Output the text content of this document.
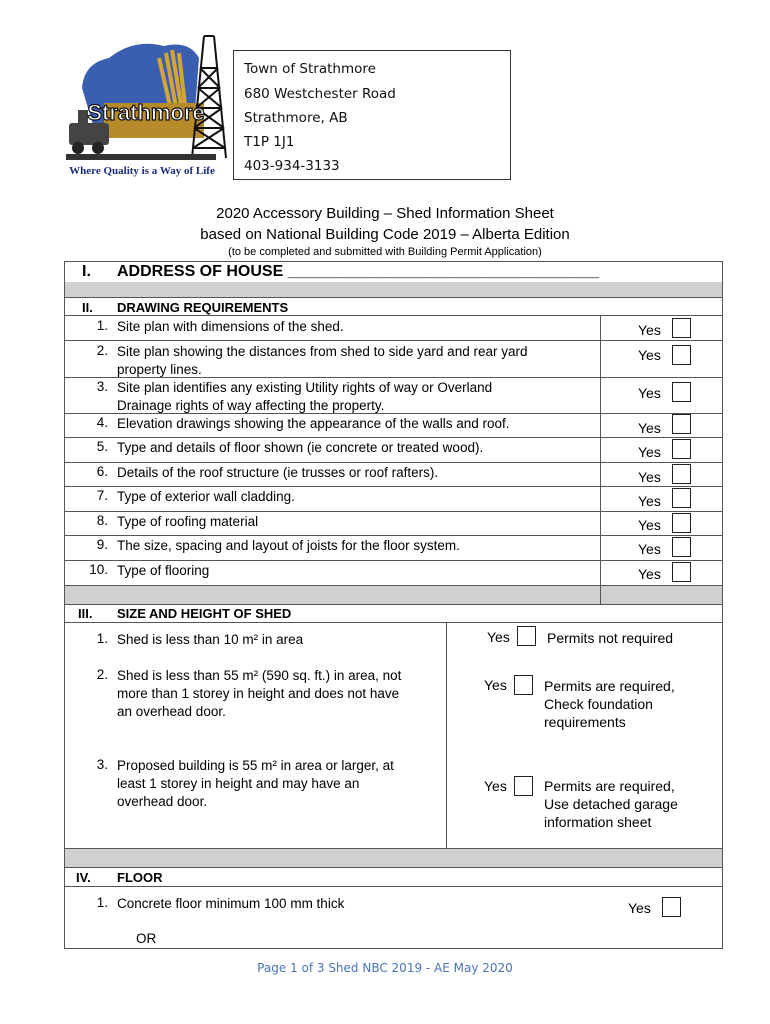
Strathmore
Where Quality is a Way of Life
Town of Strathmore
680 Westchester Road
Strathmore, AB
T1P 1J1
403-934-3133
2020 Accessory Building – Shed Information Sheet
based on National Building Code 2019 – Alberta Edition
(to be completed and submitted with Building Permit Application)
I. ADDRESS OF HOUSE ___________________________________
II. DRAWING REQUIREMENTS
1. Site plan with dimensions of the shed.	Yes
2. Site plan showing the distances from shed to side yard and rear yard
property lines.
Yes
3. Site plan identifies any existing Utility rights of way or Overland
Drainage rights of way affecting the property.
Yes
4. Elevation drawings showing the appearance of the walls and roof.	Yes
5. Type and details of floor shown (ie concrete or treated wood).	Yes
6. Details of the roof structure (ie trusses or roof rafters).	Yes
7. Type of exterior wall cladding.	Yes
8. Type of roofing material	Yes
9. The size, spacing and layout of joists for the floor system.	Yes
10. Type of flooring	Yes
III. SIZE AND HEIGHT OF SHED
1. Shed is less than 10 m² in area	Yes	Permits not required
2. Shed is less than 55 m² (590 sq. ft.) in area, not
more than 1 storey in height and does not have
an overhead door.
Yes	Permits are required,
Check foundation
requirements
3. Proposed building is 55 m² in area or larger, at
least 1 storey in height and may have an
overhead door.
Yes	Permits are required,
Use detached garage
information sheet
IV. FLOOR
1. Concrete floor minimum 100 mm thick	Yes
OR
Page 1 of 3 Shed NBC 2019 - AE May 2020
